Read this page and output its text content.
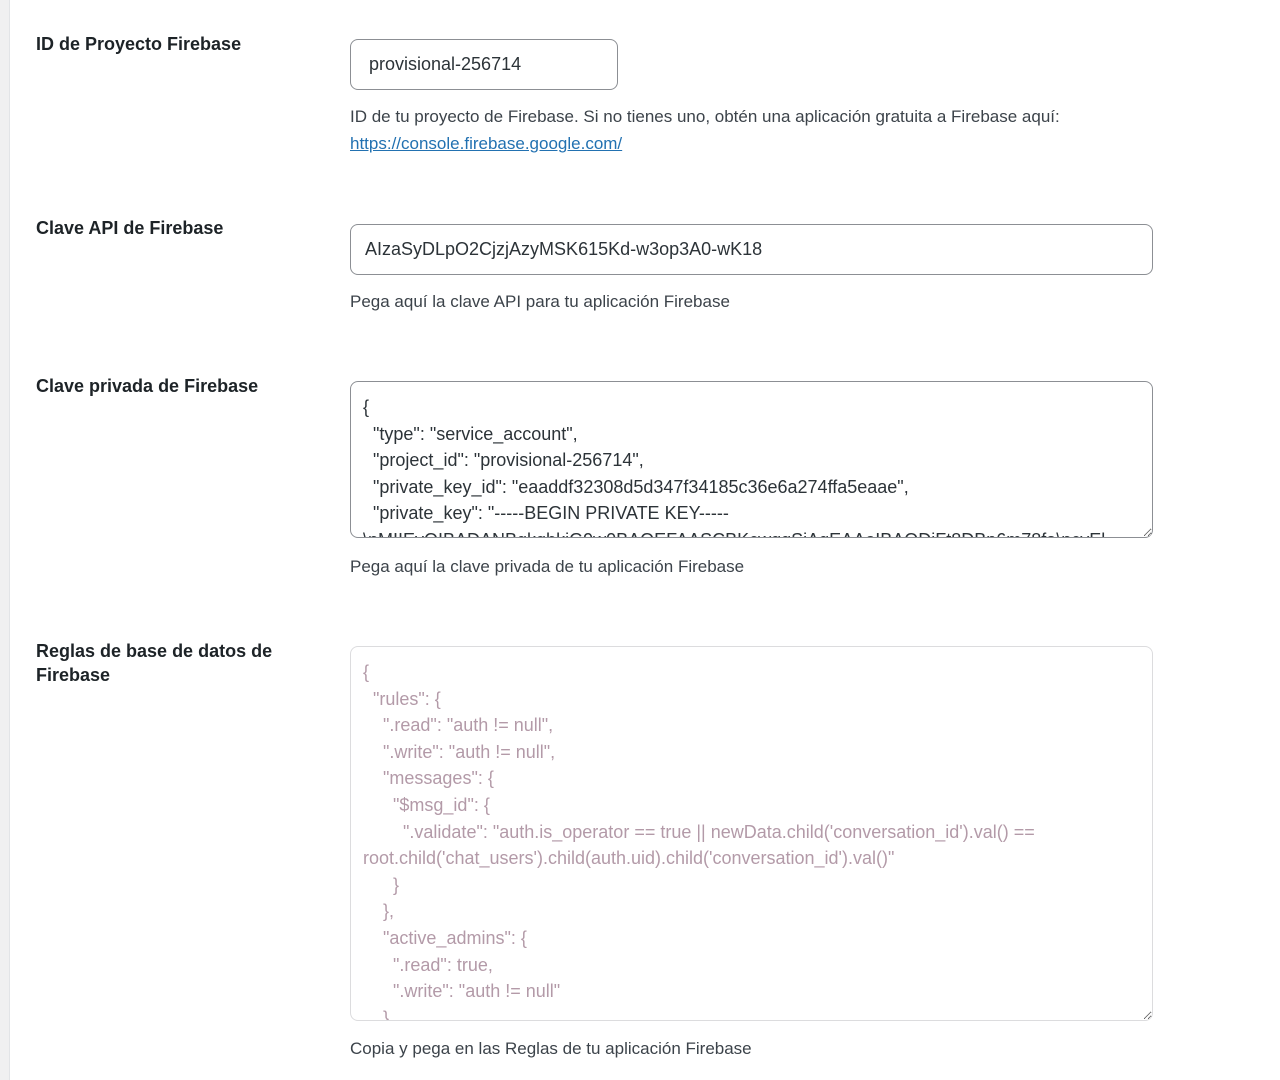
ID de Proyecto Firebase
provisional-256714
ID de tu proyecto de Firebase. Si no tienes uno, obtén una aplicación gratuita a Firebase aquí:
https://console.firebase.google.com/
Clave API de Firebase
AIzaSyDLpO2CjzjAzyMSK615Kd-w3op3A0-wK18
Pega aquí la clave API para tu aplicación Firebase
Clave privada de Firebase
{ "type": "service_account", "project_id": "provisional-256714", "private_key_id": "eaaddf32308d5d347f34185c36e6a274ffa5eaae", "private_key": "-----BEGIN PRIVATE KEY----- \nMIIEvQIBADANBgkqhkiG9w0BAQEFAASCBKcwggSjAgEAAoIBAQDiFt8DBp6m78fa\ncvEl
Pega aquí la clave privada de tu aplicación Firebase
Reglas de base de datos de Firebase
{ "rules": { ".read": "auth != null", ".write": "auth != null", "messages": { "$msg_id": { ".validate": "auth.is_operator == true || newData.child('conversation_id').val() == root.child('chat_users').child(auth.uid).child('conversation_id').val()" } }, "active_admins": { ".read": true, ".write": "auth != null" } } }
Copia y pega en las Reglas de tu aplicación Firebase
